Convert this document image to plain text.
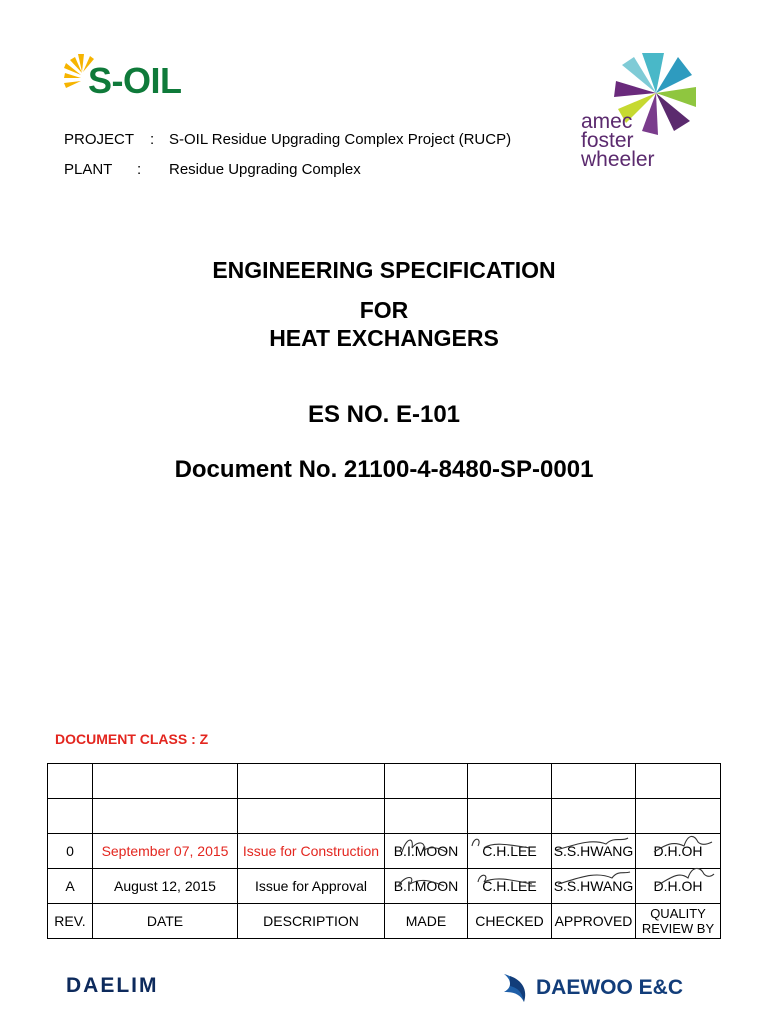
S-OIL
amec
foster
wheeler
PROJECT : S-OIL Residue Upgrading Complex Project (RUCP)
PLANT : Residue Upgrading Complex
ENGINEERING SPECIFICATION
FOR
HEAT EXCHANGERS
ES NO. E-101
Document No. 21100-4-8480-SP-0001
DOCUMENT CLASS : Z

0	September 07, 2015	Issue for Construction	B.I.MOON	C.H.LEE	S.S.HWANG	D.H.OH
A	August 12, 2015	Issue for Approval	B.I.MOON	C.H.LEE	S.S.HWANG	D.H.OH
REV.	DATE	DESCRIPTION	MADE	CHECKED	APPROVED	QUALITY REVIEW BY
DAELIM	DAEWOO E&C
